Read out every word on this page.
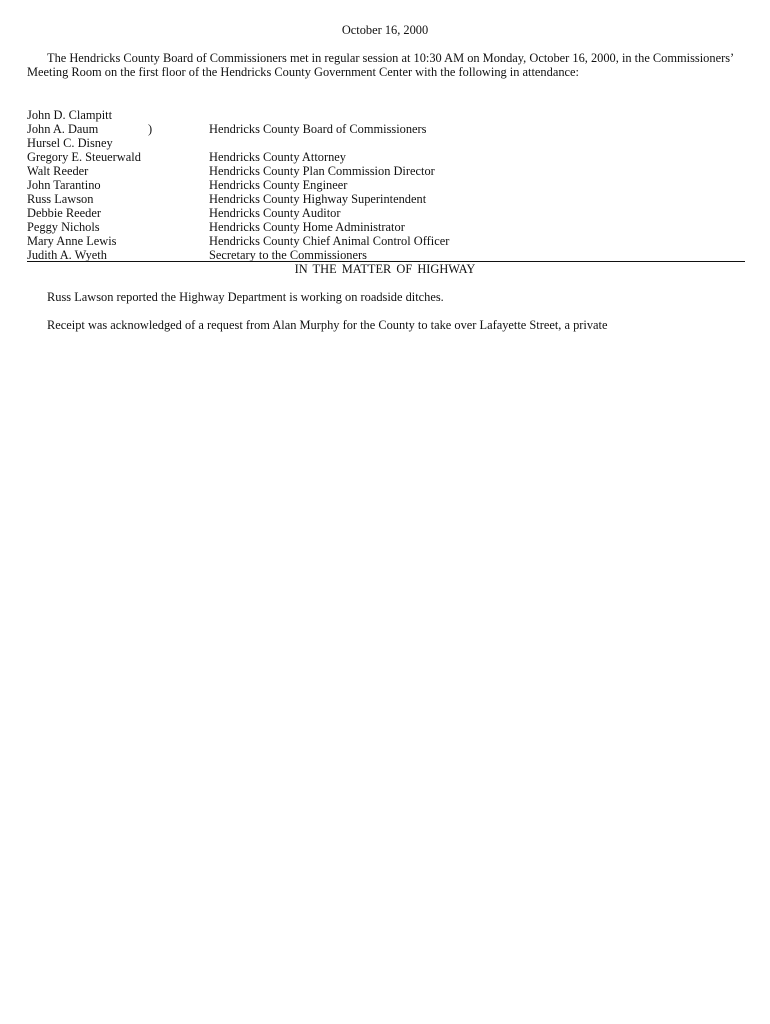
October 16, 2000

The Hendricks County Board of Commissioners met in regular session at 10:30 AM on Monday, October 16, 2000, in the Commissioners’ Meeting Room on the first floor of the Hendricks County Government Center with the following in attendance:

John D. Clampitt
John A. Daum	)	Hendricks County Board of Commissioners
Hursel C. Disney
Gregory E. Steuerwald	Hendricks County Attorney
Walt Reeder	Hendricks County Plan Commission Director
John Tarantino	Hendricks County Engineer
Russ Lawson	Hendricks County Highway Superintendent
Debbie Reeder	Hendricks County Auditor
Peggy Nichols	Hendricks County Home Administrator
Mary Anne Lewis	Hendricks County Chief Animal Control Officer
Judith A. Wyeth	Secretary to the Commissioners
IN THE MATTER OF HIGHWAY

Russ Lawson reported the Highway Department is working on roadside ditches.

Receipt was acknowledged of a request from Alan Murphy for the County to take over Lafayette Street, a private
